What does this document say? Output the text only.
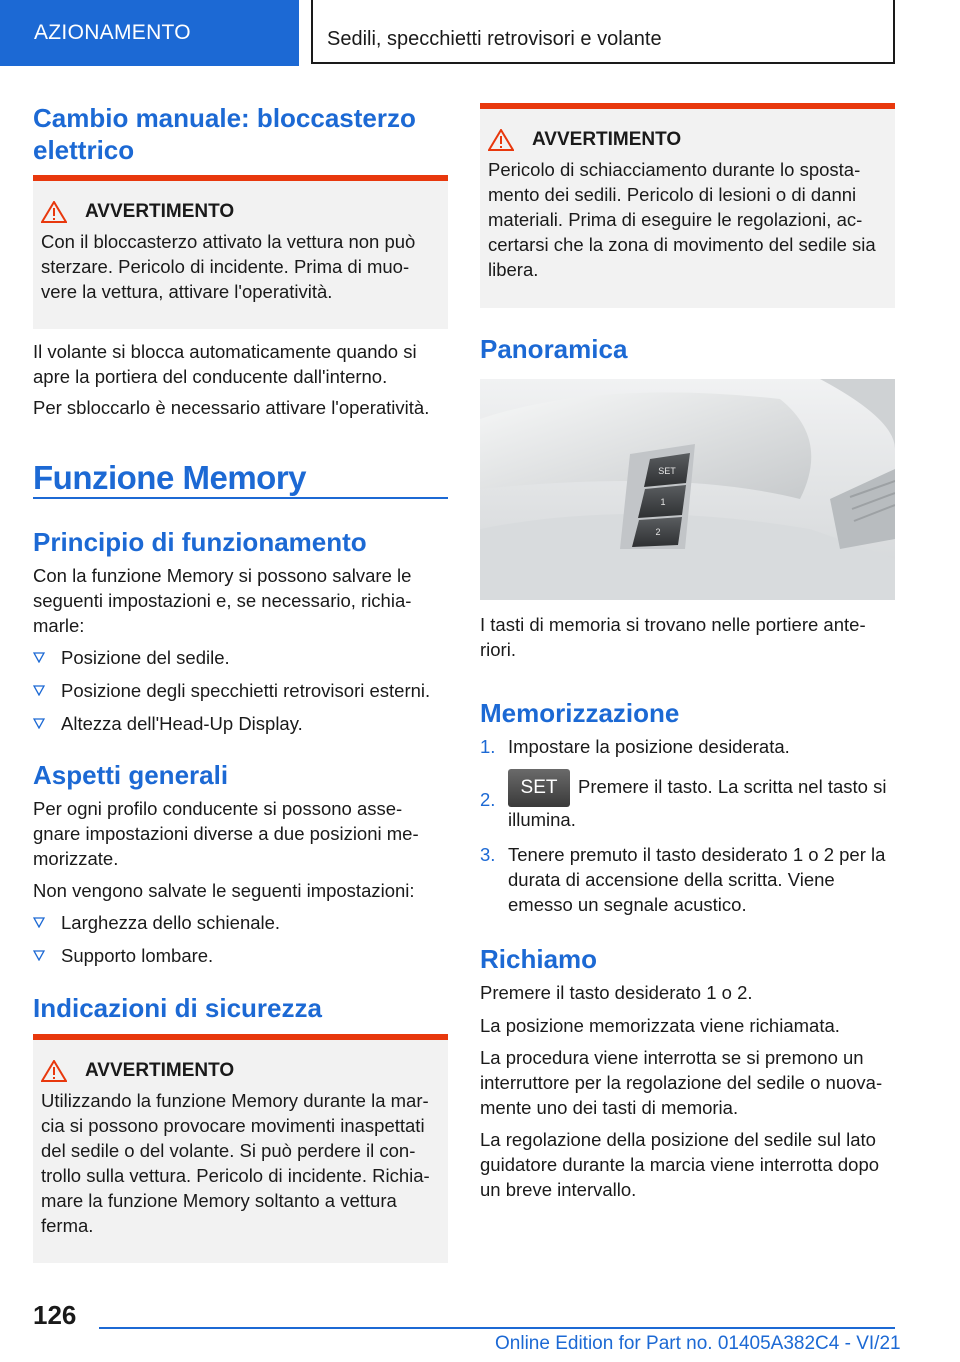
AZIONAMENTO	Sedili, specchietti retrovisori e volante
Cambio manuale: bloccasterzo elettrico
AVVERTIMENTO

Con il bloccasterzo attivato la vettura non può sterzare. Pericolo di incidente. Prima di muovere la vettura, attivare l'operatività.

Il volante si blocca automaticamente quando si apre la portiera del conducente dall'interno.

Per sbloccarlo è necessario attivare l'operatività.

Funzione Memory
Principio di funzionamento

Con la funzione Memory si possono salvare le seguenti impostazioni e, se necessario, richiamarle:

Posizione del sedile.
Posizione degli specchietti retrovisori esterni.
Altezza dell'Head-Up Display.
Aspetti generali

Per ogni profilo conducente si possono assegnare impostazioni diverse a due posizioni memorizzate.

Non vengono salvate le seguenti impostazioni:

Larghezza dello schienale.
Supporto lombare.
Indicazioni di sicurezza
AVVERTIMENTO

Utilizzando la funzione Memory durante la marcia si possono provocare movimenti inaspettati del sedile o del volante. Si può perdere il controllo sulla vettura. Pericolo di incidente. Richiamare la funzione Memory soltanto a vettura ferma.

AVVERTIMENTO

Pericolo di schiacciamento durante lo spostamento dei sedili. Pericolo di lesioni o di danni materiali. Prima di eseguire le regolazioni, accertarsi che la zona di movimento del sedile sia libera.

Panoramica
SET
1
2

I tasti di memoria si trovano nelle portiere anteriori.

Memorizzazione
1. Impostare la posizione desiderata.
2.
SET Premere il tasto. La scritta nel tasto si illumina.
3. Tenere premuto il tasto desiderato 1 o 2 per la durata di accensione della scritta. Viene emesso un segnale acustico.
Richiamo

Premere il tasto desiderato 1 o 2.

La posizione memorizzata viene richiamata.

La procedura viene interrotta se si premono un interruttore per la regolazione del sedile o nuovamente uno dei tasti di memoria.

La regolazione della posizione del sedile sul lato guidatore durante la marcia viene interrotta dopo un breve intervallo.

126
Online Edition for Part no. 01405A382C4 - VI/21
